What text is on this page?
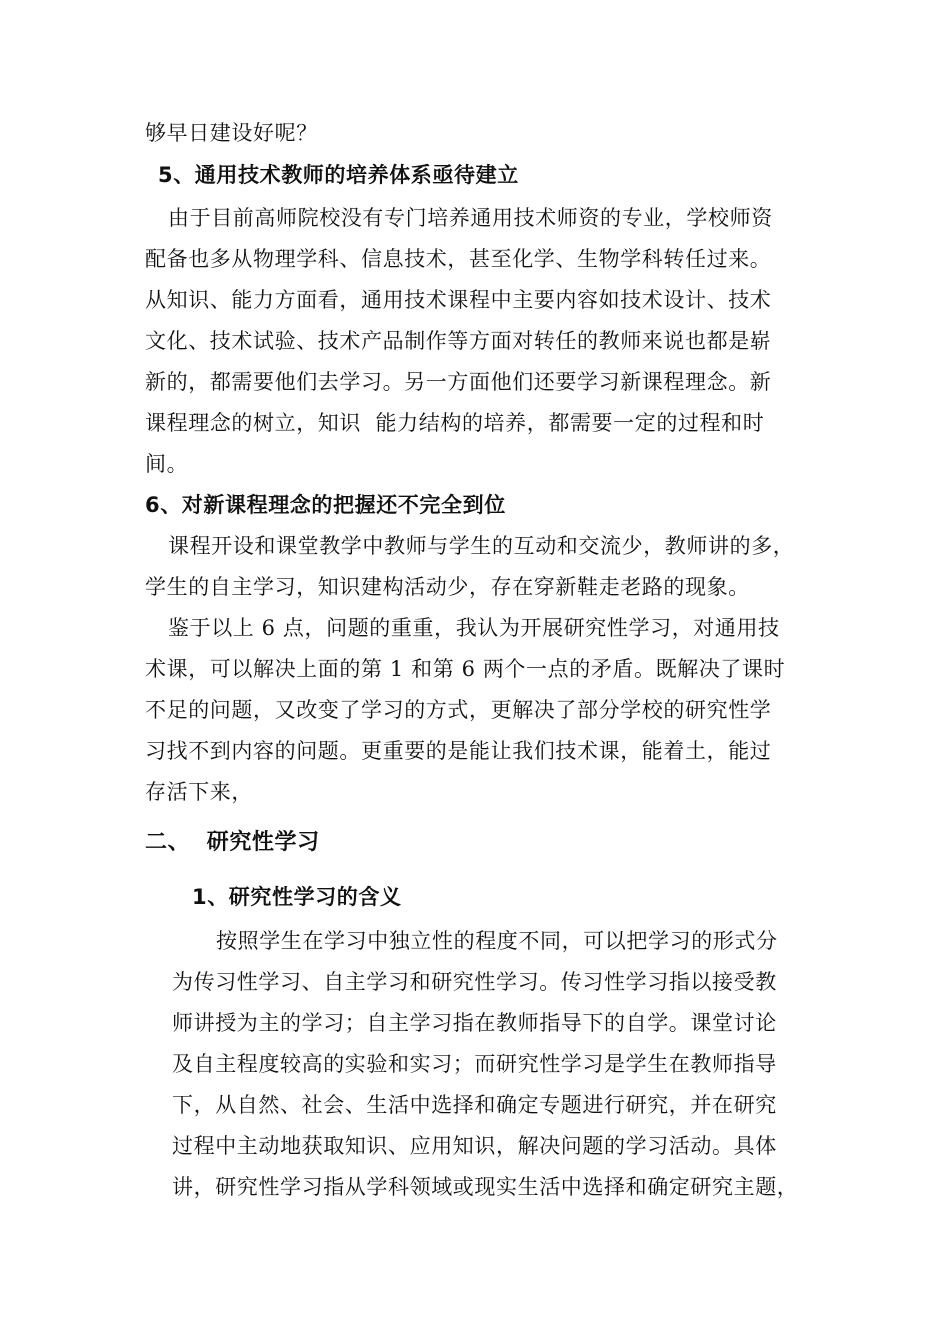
够早日建设好呢？
5、通用技术教师的培养体系亟待建立
由于目前高师院校没有专门培养通用技术师资的专业，学校师资
配备也多从物理学科、信息技术，甚至化学、生物学科转任过来。
从知识、能力方面看，通用技术课程中主要内容如技术设计、技术
文化、技术试验、技术产品制作等方面对转任的教师来说也都是崭
新的，都需要他们去学习。另一方面他们还要学习新课程理念。新
课程理念的树立，知识  能力结构的培养，都需要一定的过程和时
间。
6、对新课程理念的把握还不完全到位
课程开设和课堂教学中教师与学生的互动和交流少，教师讲的多，
学生的自主学习，知识建构活动少，存在穿新鞋走老路的现象。
鉴于以上 6 点，问题的重重，我认为开展研究性学习，对通用技
术课，可以解决上面的第 1 和第 6 两个一点的矛盾。既解决了课时
不足的问题，又改变了学习的方式，更解决了部分学校的研究性学
习找不到内容的问题。更重要的是能让我们技术课，能着土，能过
存活下来，
二、  研究性学习
1、研究性学习的含义
按照学生在学习中独立性的程度不同，可以把学习的形式分
为传习性学习、自主学习和研究性学习。传习性学习指以接受教
师讲授为主的学习；自主学习指在教师指导下的自学。课堂讨论
及自主程度较高的实验和实习；而研究性学习是学生在教师指导
下，从自然、社会、生活中选择和确定专题进行研究，并在研究
过程中主动地获取知识、应用知识，解决问题的学习活动。具体
讲，研究性学习指从学科领域或现实生活中选择和确定研究主题，
